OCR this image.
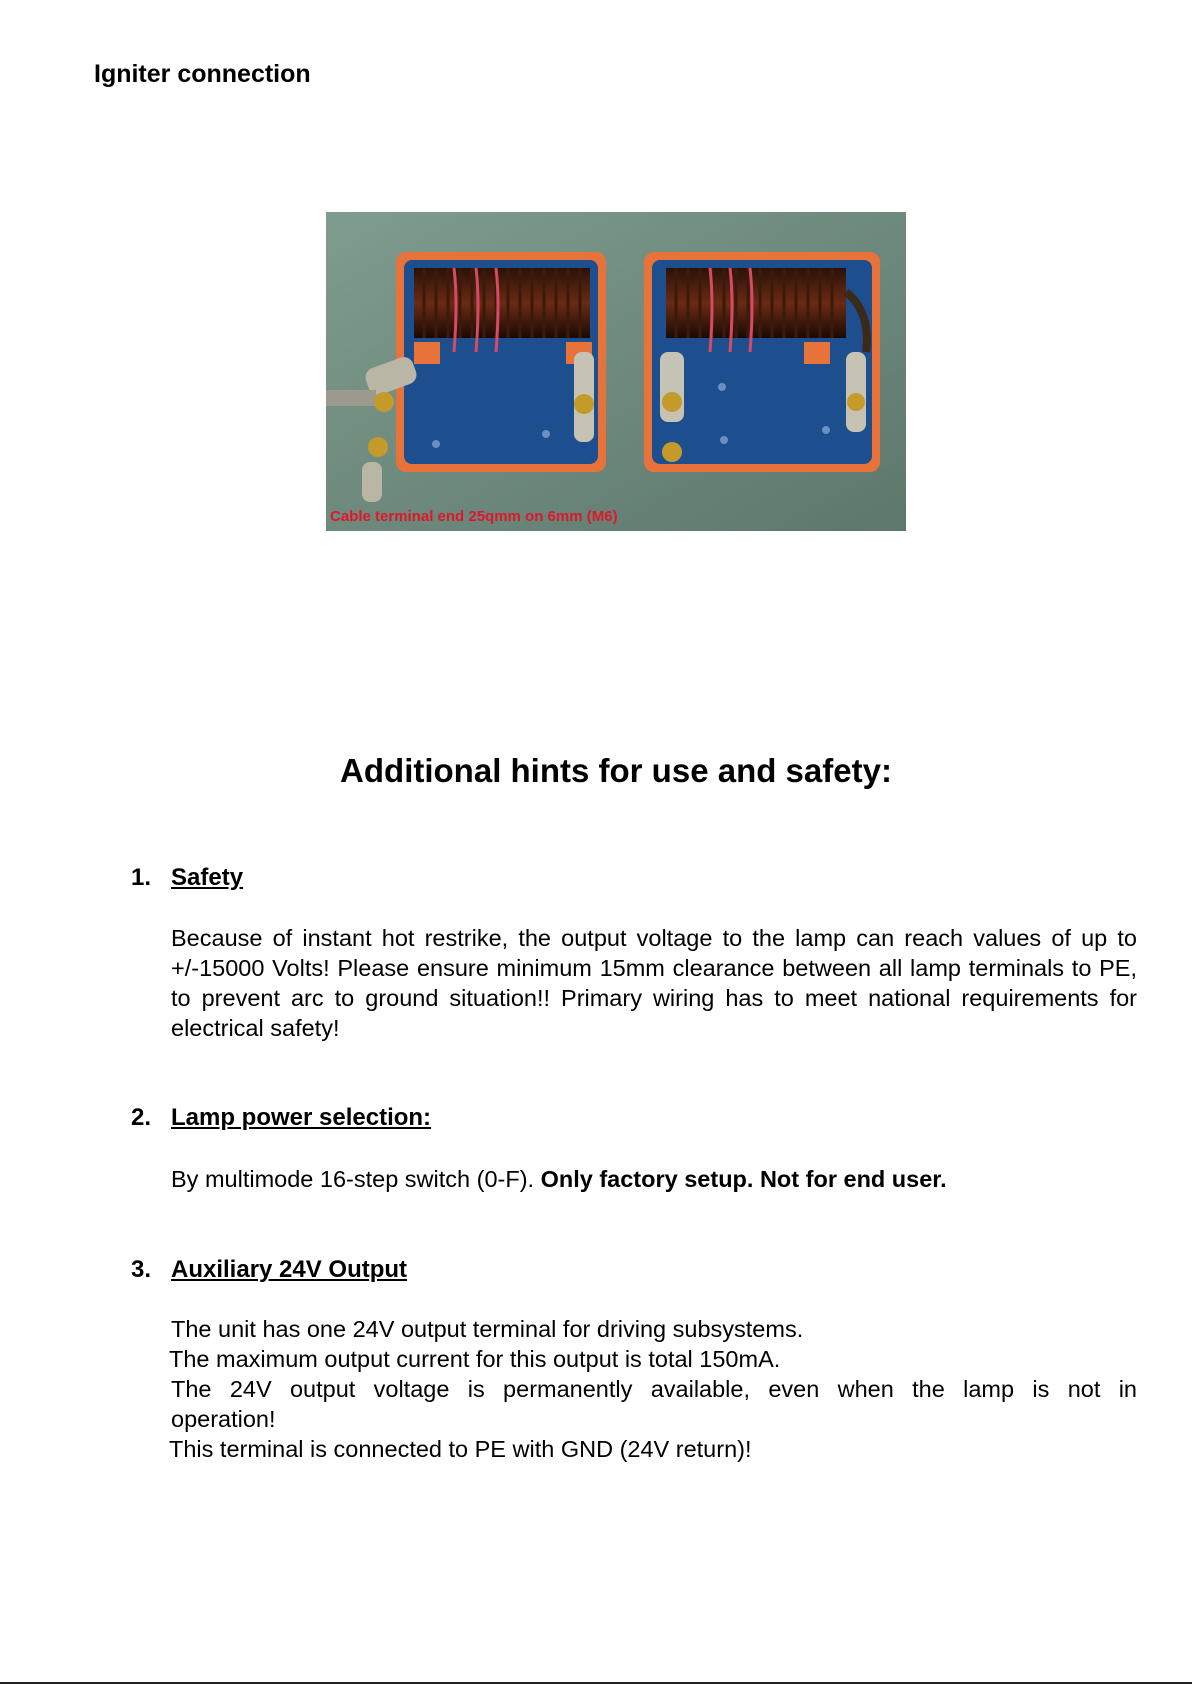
Igniter connection
Cable terminal end 25qmm on 6mm (M6)
Additional hints for use and safety:
1. Safety
Because of instant hot restrike, the output voltage to the lamp can reach values of up to +/-15000 Volts! Please ensure minimum 15mm clearance between all lamp terminals to PE, to prevent arc to ground situation!! Primary wiring has to meet national requirements for electrical safety!
2. Lamp power selection:
By multimode 16-step switch (0-F). Only factory setup. Not for end user.
3. Auxiliary 24V Output
The unit has one 24V output terminal for driving subsystems.
The maximum output current for this output is total 150mA.
The 24V output voltage is permanently available, even when the lamp is not in
operation!
This terminal is connected to PE with GND (24V return)!
